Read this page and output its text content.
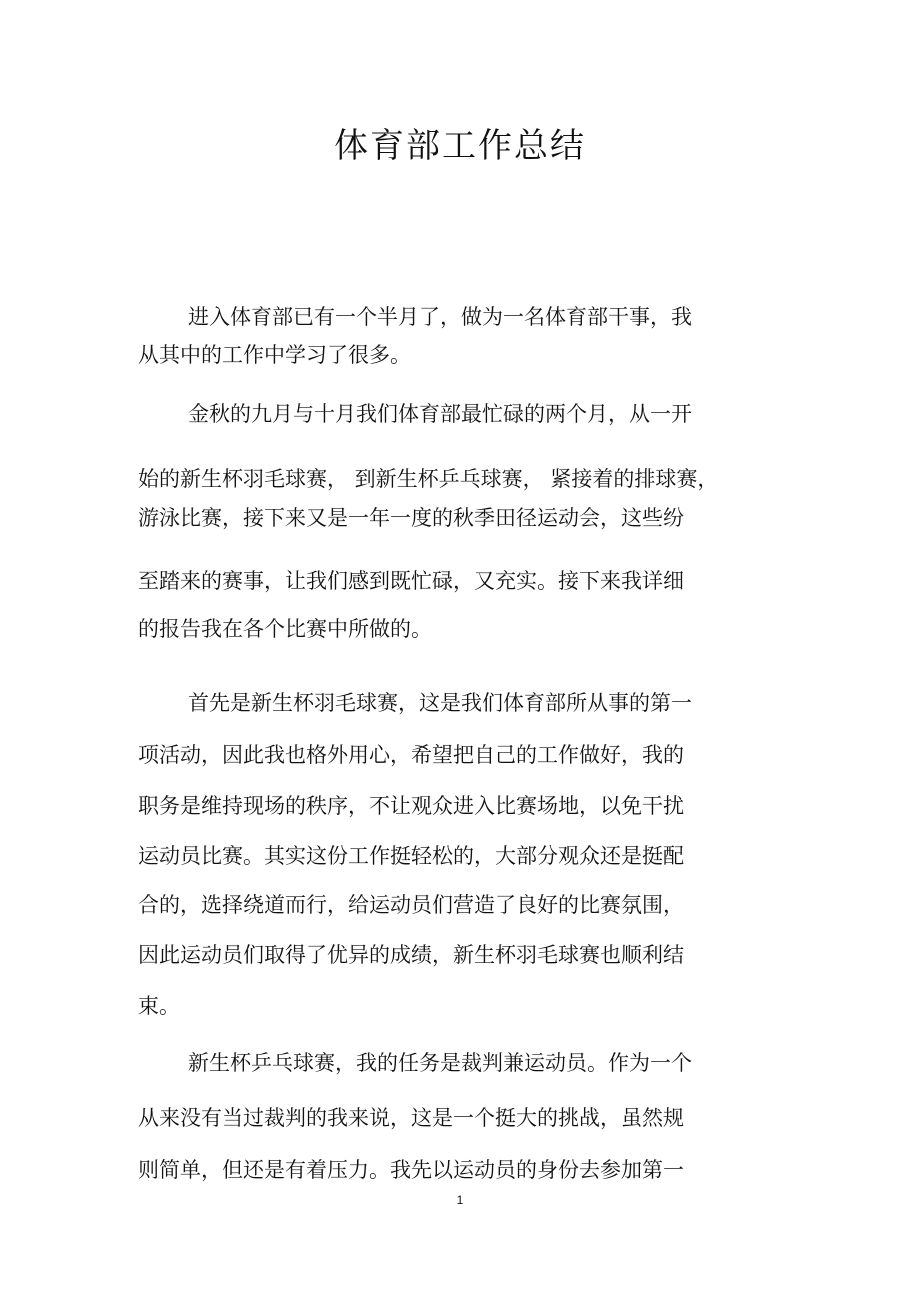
体育部工作总结
进入体育部已有一个半月了，做为一名体育部干事，我
从其中的工作中学习了很多。
金秋的九月与十月我们体育部最忙碌的两个月，从一开
始的新生杯羽毛球赛， 到新生杯乒乓球赛， 紧接着的排球赛，
游泳比赛，接下来又是一年一度的秋季田径运动会，这些纷
至踏来的赛事，让我们感到既忙碌，又充实。接下来我详细
的报告我在各个比赛中所做的。
首先是新生杯羽毛球赛，这是我们体育部所从事的第一
项活动，因此我也格外用心，希望把自己的工作做好，我的
职务是维持现场的秩序，不让观众进入比赛场地，以免干扰
运动员比赛。其实这份工作挺轻松的，大部分观众还是挺配
合的，选择绕道而行，给运动员们营造了良好的比赛氛围，
因此运动员们取得了优异的成绩，新生杯羽毛球赛也顺利结
束。
新生杯乒乓球赛，我的任务是裁判兼运动员。作为一个
从来没有当过裁判的我来说，这是一个挺大的挑战，虽然规
则简单，但还是有着压力。我先以运动员的身份去参加第一
1
